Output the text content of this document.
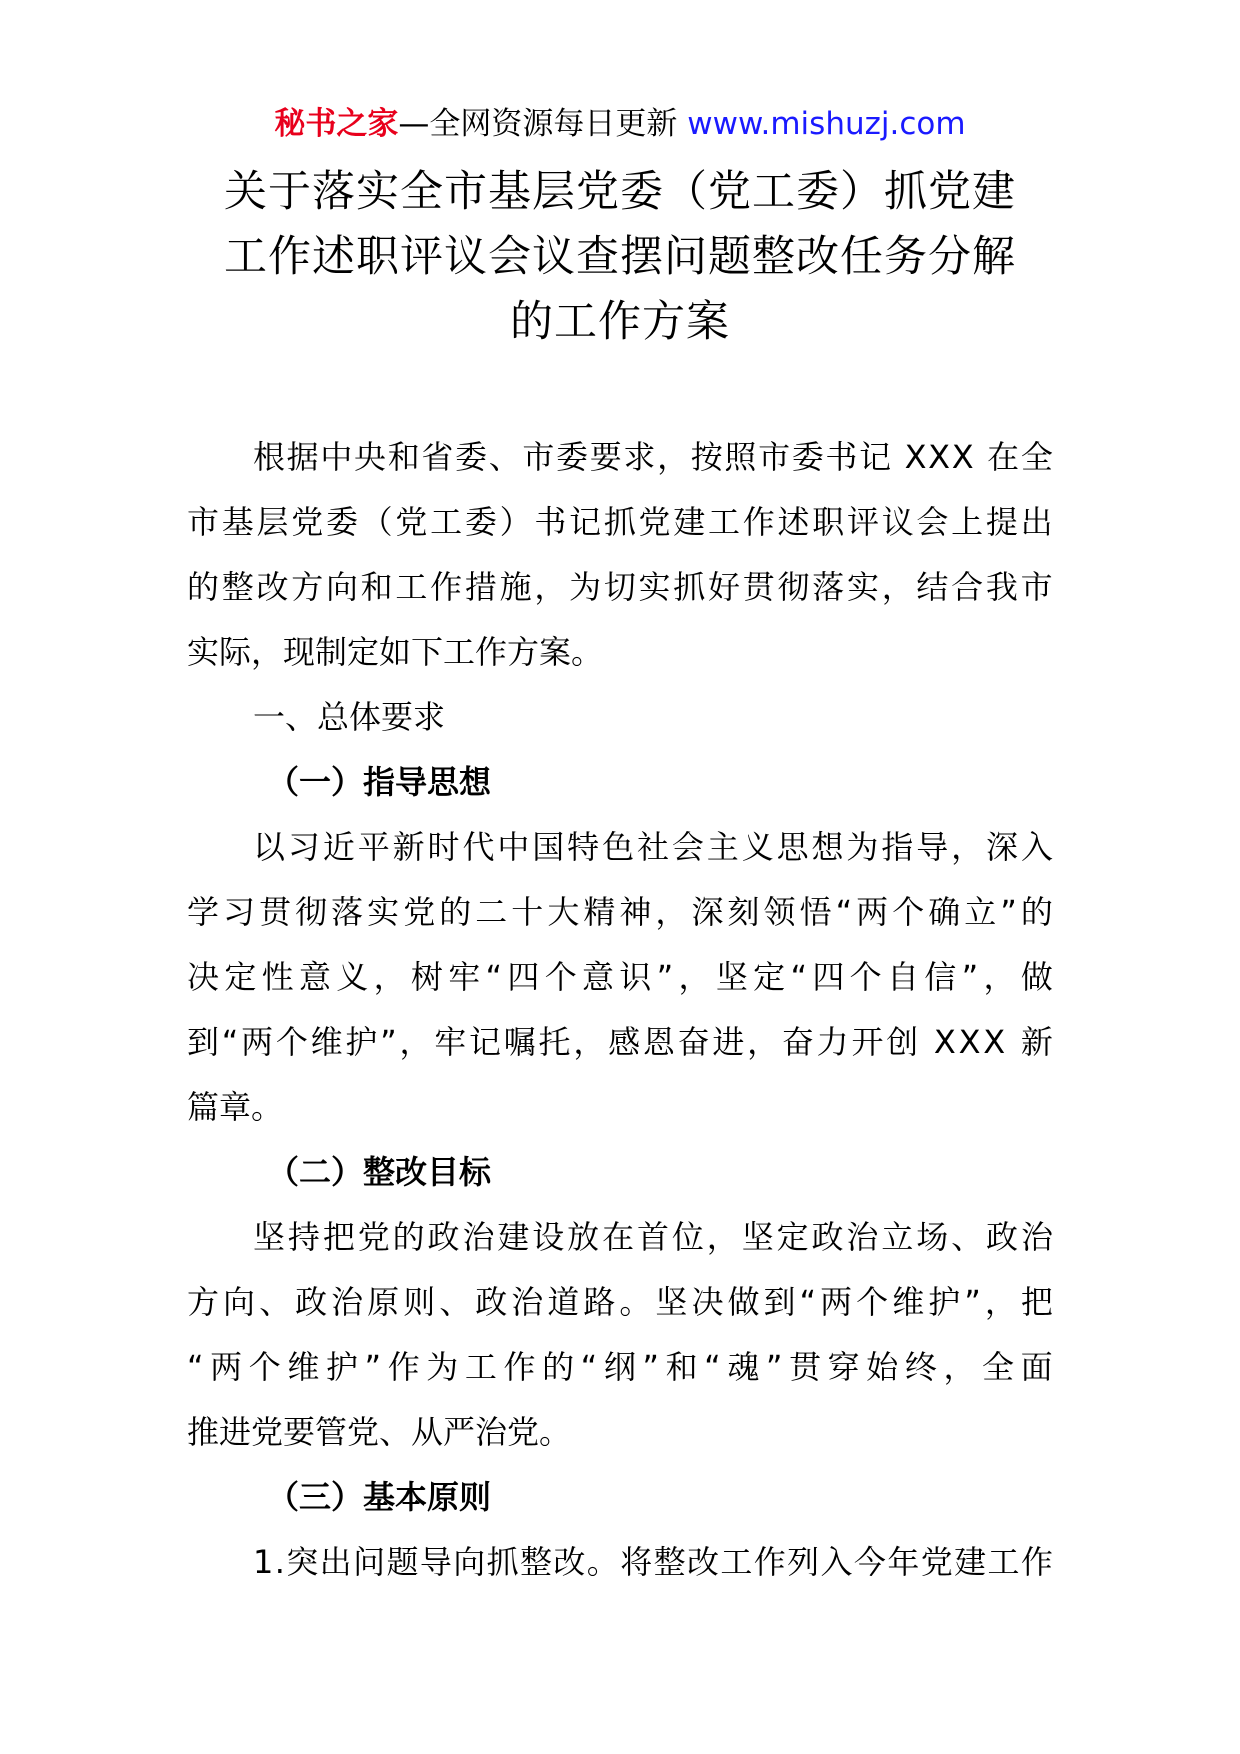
秘书之家—全网资源每日更新 www.mishuzj.com
关于落实全市基层党委（党工委）抓党建
工作述职评议会议查摆问题整改任务分解
的工作方案
根 据 中 央 和 省 委 、 市 委 要 求 ， 按 照 市 委 书 记
X X X
在 全
市 基 层 党 委 （ 党 工 委 ） 书 记 抓 党 建 工 作 述 职 评 议 会 上 提 出
的 整 改 方 向 和 工 作 措 施 ， 为 切 实 抓 好 贯 彻 落 实 ， 结 合 我 市
实际，现制定如下工作方案。
一、总体要求
（一）指导思想
以 习 近 平 新 时 代 中 国 特 色 社 会 主 义 思 想 为 指 导 ， 深 入
学 习 贯 彻 落 实 党 的 二 十 大 精 神 ， 深 刻 领 悟 “ 两 个 确 立 ” 的
决 定 性 意 义 ， 树 牢 “ 四 个 意 识 ” ， 坚 定 “ 四 个 自 信 ” ， 做
到 “ 两 个 维 护 ” ， 牢 记 嘱 托 ， 感 恩 奋 进 ， 奋 力 开 创
X X X
新
篇章。
（二）整改目标
坚 持 把 党 的 政 治 建 设 放 在 首 位 ， 坚 定 政 治 立 场 、 政 治
方 向 、 政 治 原 则 、 政 治 道 路 。 坚 决 做 到 “ 两 个 维 护 ” ， 把
“ 两 个 维 护 ” 作 为 工 作 的 “ 纲 ” 和 “ 魂 ” 贯 穿 始 终 ， 全 面
推进党要管党、从严治党。
（三）基本原则
1 . 突 出 问 题 导 向 抓 整 改 。 将 整 改 工 作 列 入 今 年 党 建 工 作
